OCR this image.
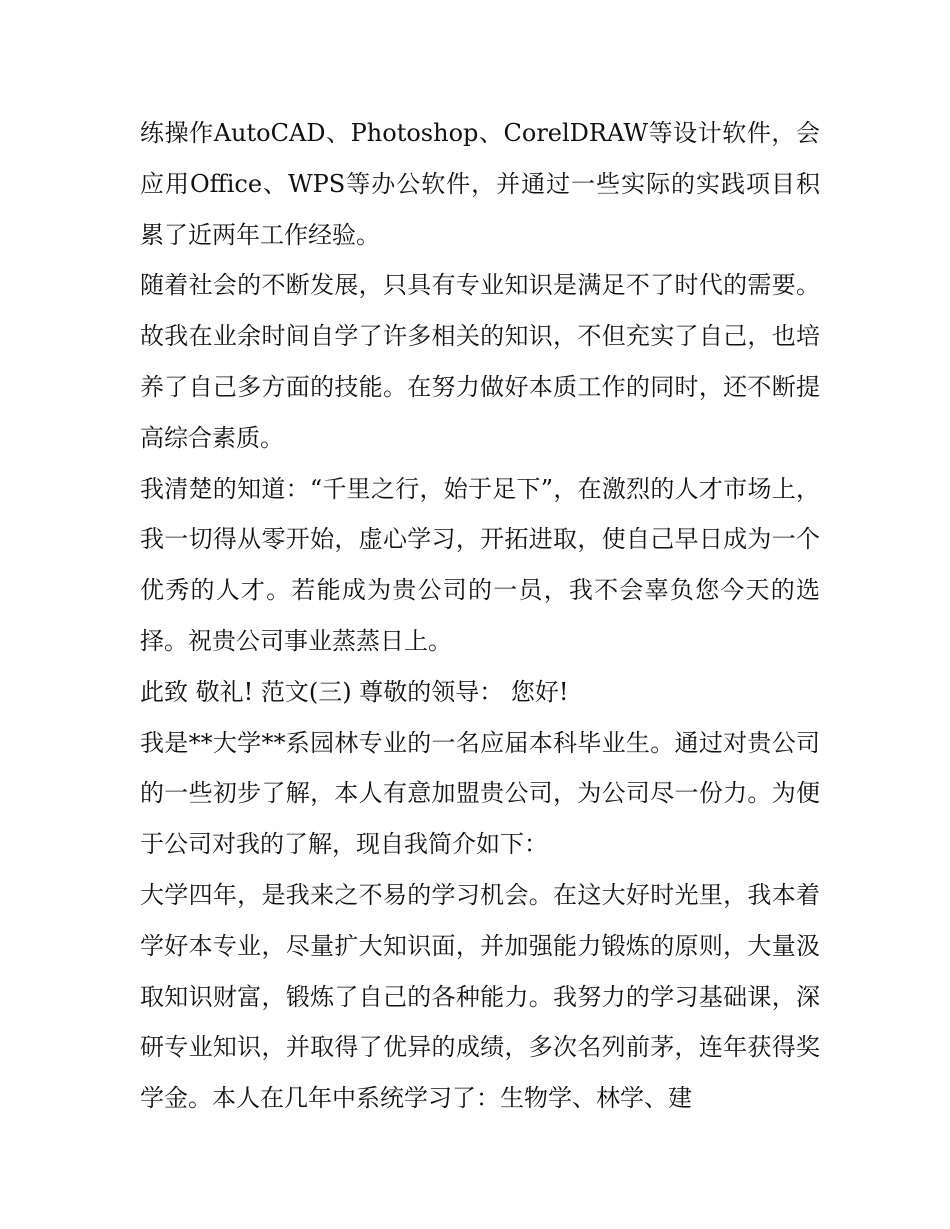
练操作AutoCAD、Photoshop、CorelDRAW等设计软件，会应用Office、WPS等办公软件，并通过一些实际的实践项目积累了近两年工作经验。

随着社会的不断发展，只具有专业知识是满足不了时代的需要。故我在业余时间自学了许多相关的知识，不但充实了自己，也培养了自己多方面的技能。在努力做好本质工作的同时，还不断提高综合素质。

我清楚的知道：“千里之行，始于足下”，在激烈的人才市场上，我一切得从零开始，虚心学习，开拓进取，使自己早日成为一个优秀的人才。若能成为贵公司的一员，我不会辜负您今天的选择。祝贵公司事业蒸蒸日上。

此致 敬礼! 范文(三) 尊敬的领导： 您好!

我是**大学**系园林专业的一名应届本科毕业生。通过对贵公司的一些初步了解，本人有意加盟贵公司，为公司尽一份力。为便于公司对我的了解，现自我简介如下：

大学四年，是我来之不易的学习机会。在这大好时光里，我本着学好本专业，尽量扩大知识面，并加强能力锻炼的原则，大量汲取知识财富，锻炼了自己的各种能力。我努力的学习基础课，深研专业知识，并取得了优异的成绩，多次名列前茅，连年获得奖学金。本人在几年中系统学习了：生物学、林学、建
